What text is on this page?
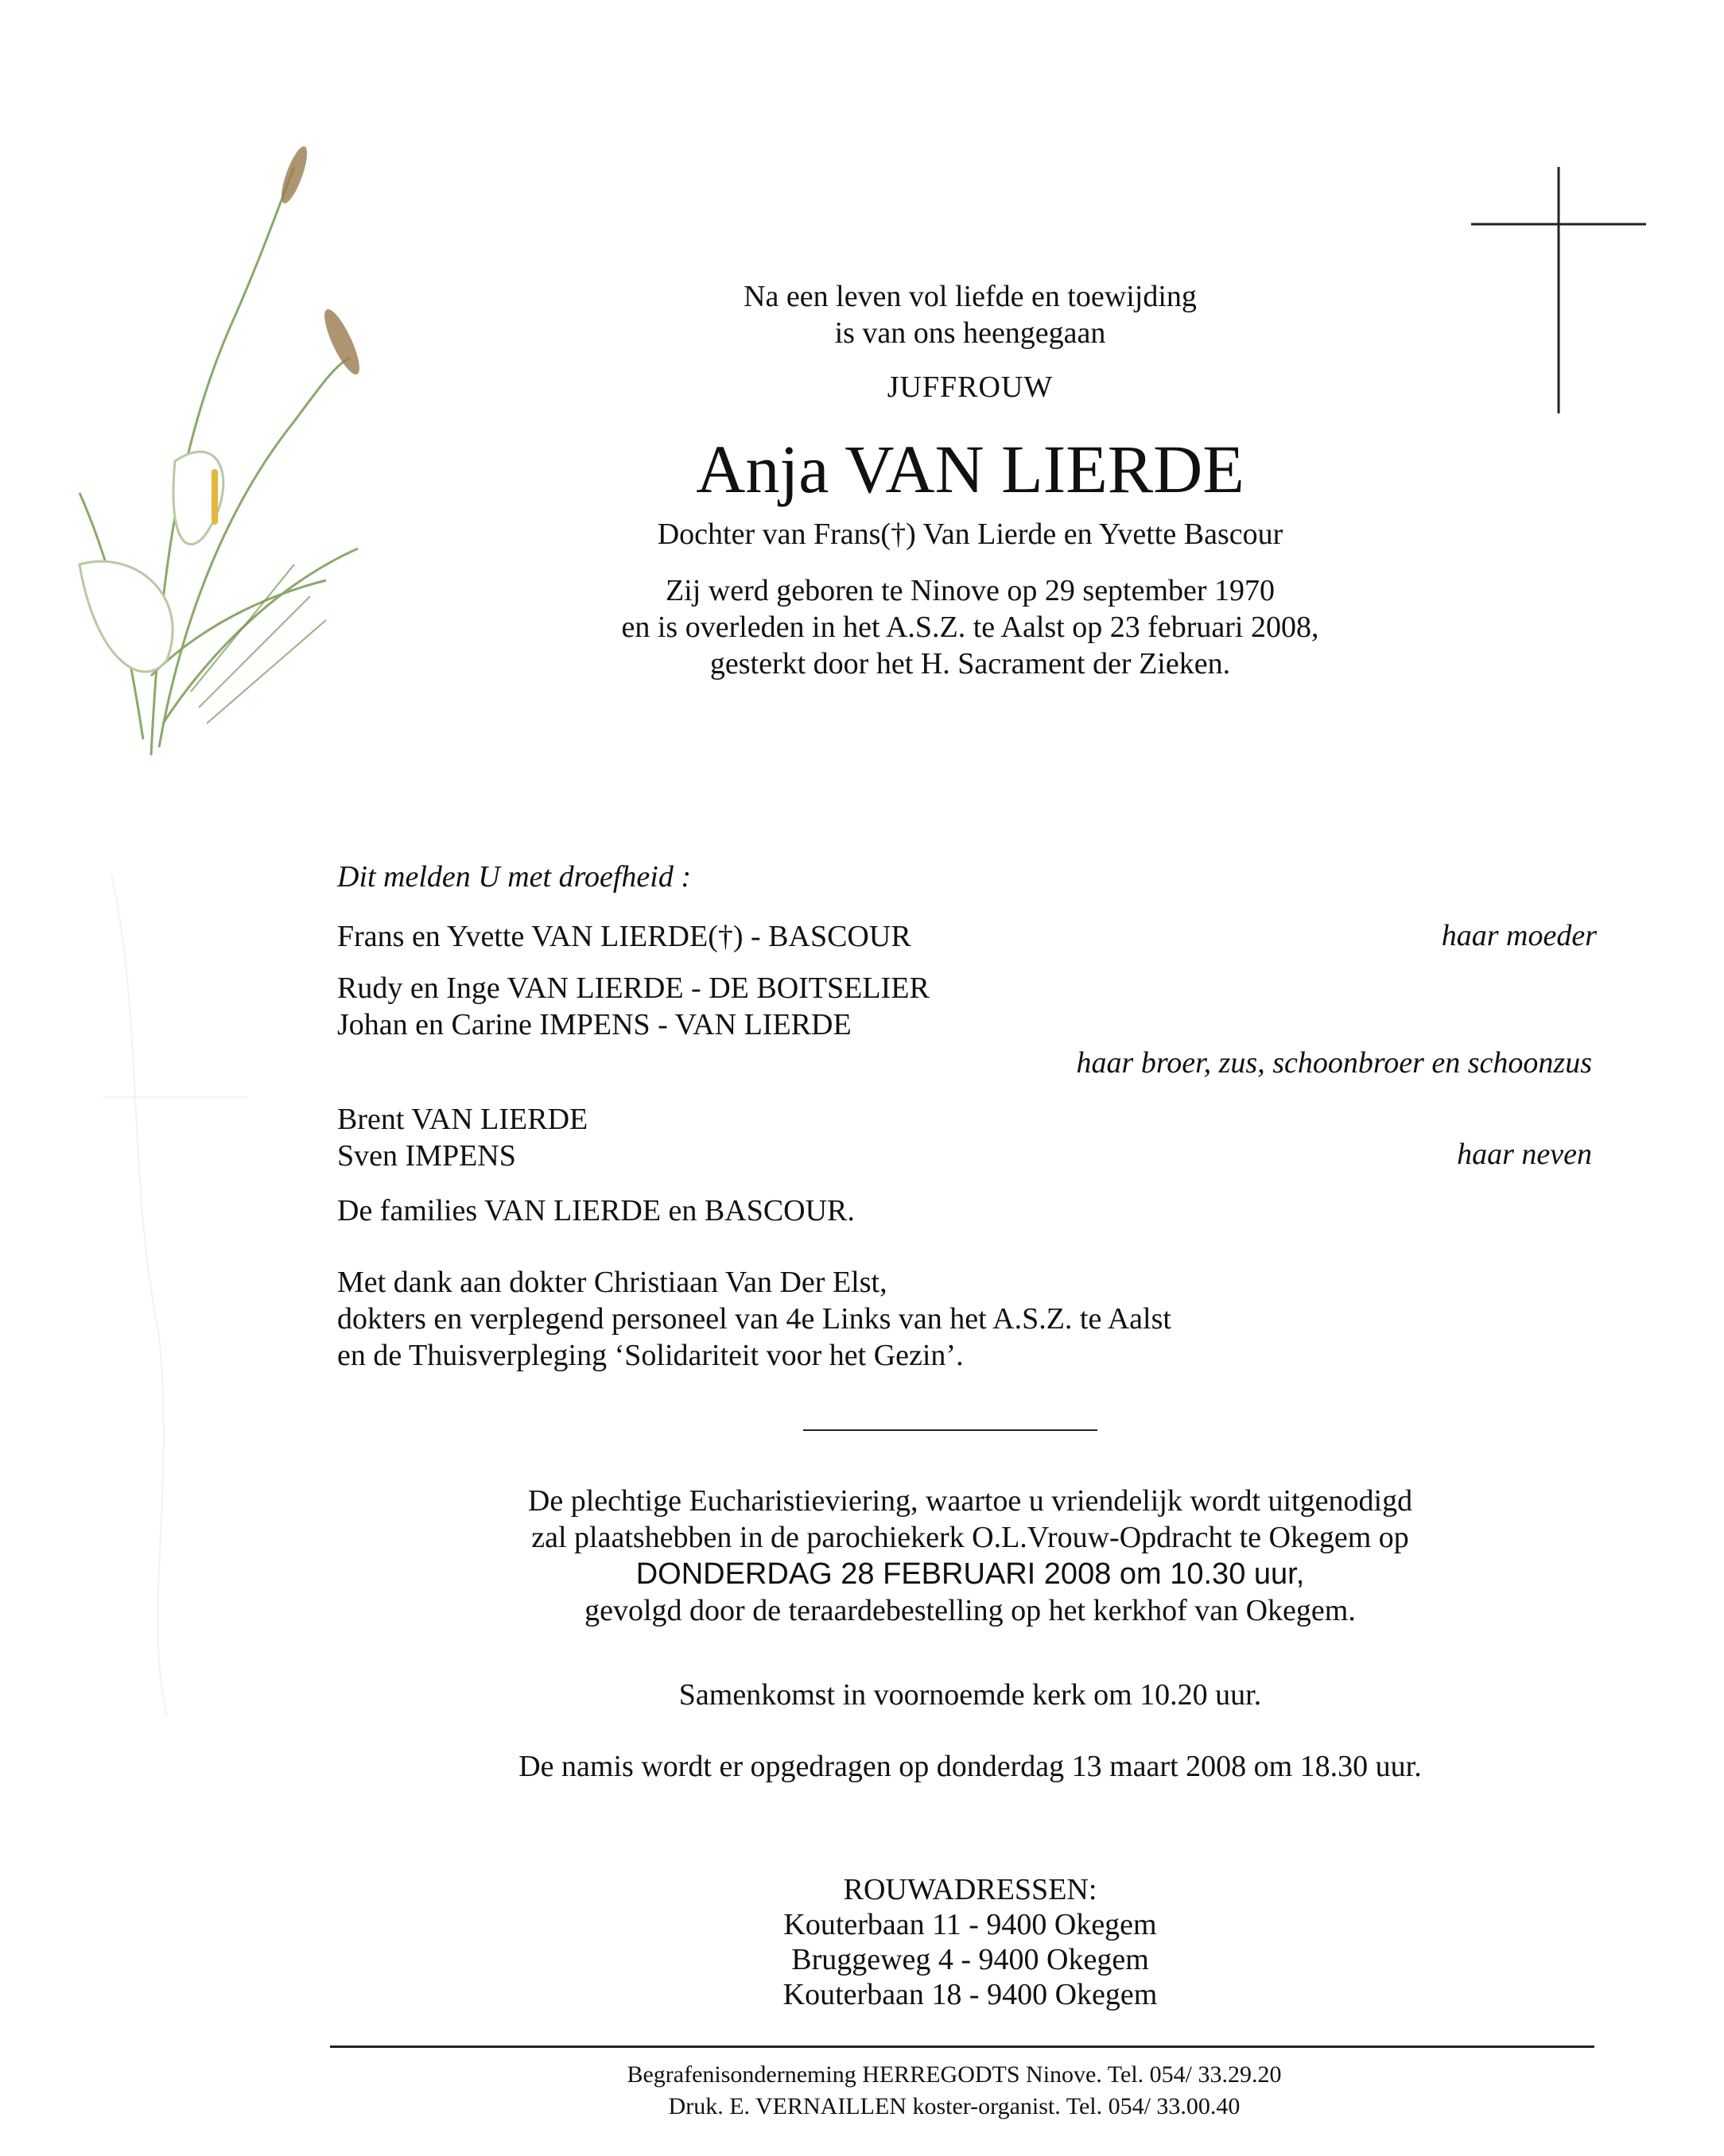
Na een leven vol liefde en toewijding
is van ons heengegaan
JUFFROUW
Anja VAN LIERDE
Dochter van Frans(†) Van Lierde en Yvette Bascour
Zij werd geboren te Ninove op 29 september 1970
en is overleden in het A.S.Z. te Aalst op 23 februari 2008,
gesterkt door het H. Sacrament der Zieken.
Dit melden U met droefheid :
Frans en Yvette VAN LIERDE(†) - BASCOUR	haar moeder
Rudy en Inge VAN LIERDE - DE BOITSELIER
Johan en Carine IMPENS - VAN LIERDE
haar broer, zus, schoonbroer en schoonzus
Brent VAN LIERDE
Sven IMPENS	haar neven
De families VAN LIERDE en BASCOUR.
Met dank aan dokter Christiaan Van Der Elst,
dokters en verplegend personeel van 4e Links van het A.S.Z. te Aalst
en de Thuisverpleging ‘Solidariteit voor het Gezin’.
De plechtige Eucharistieviering, waartoe u vriendelijk wordt uitgenodigd
zal plaatshebben in de parochiekerk O.L.Vrouw-Opdracht te Okegem op
DONDERDAG 28 FEBRUARI 2008 om 10.30 uur,
gevolgd door de teraardebestelling op het kerkhof van Okegem.
Samenkomst in voornoemde kerk om 10.20 uur.
De namis wordt er opgedragen op donderdag 13 maart 2008 om 18.30 uur.
ROUWADRESSEN:
Kouterbaan 11 - 9400 Okegem
Bruggeweg 4 - 9400 Okegem
Kouterbaan 18 - 9400 Okegem
Begrafenisonderneming HERREGODTS Ninove. Tel. 054/ 33.29.20
Druk. E. VERNAILLEN koster-organist. Tel. 054/ 33.00.40
